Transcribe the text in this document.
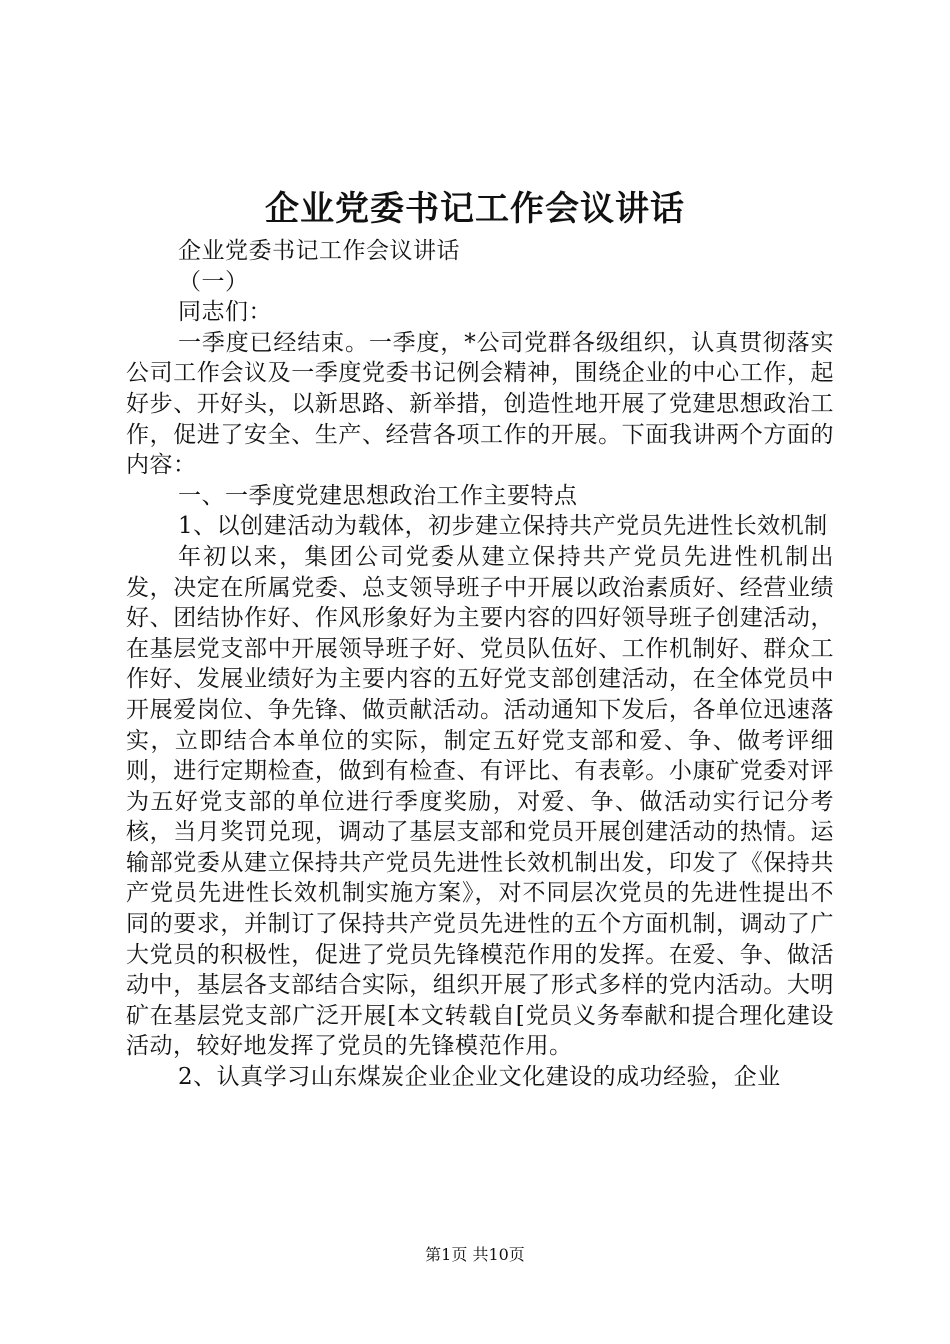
企业党委书记工作会议讲话

企业党委书记工作会议讲话

（一）

同志们：

一季度已经结束。一季度，*公司党群各级组织，认真贯彻落实公司工作会议及一季度党委书记例会精神，围绕企业的中心工作，起好步、开好头，以新思路、新举措，创造性地开展了党建思想政治工作，促进了安全、生产、经营各项工作的开展。下面我讲两个方面的内容：

一、一季度党建思想政治工作主要特点

1、以创建活动为载体，初步建立保持共产党员先进性长效机制

年初以来，集团公司党委从建立保持共产党员先进性机制出发，决定在所属党委、总支领导班子中开展以政治素质好、经营业绩好、团结协作好、作风形象好为主要内容的四好领导班子创建活动，在基层党支部中开展领导班子好、党员队伍好、工作机制好、群众工作好、发展业绩好为主要内容的五好党支部创建活动，在全体党员中开展爱岗位、争先锋、做贡献活动。活动通知下发后，各单位迅速落实，立即结合本单位的实际，制定五好党支部和爱、争、做考评细则，进行定期检查，做到有检查、有评比、有表彰。小康矿党委对评为五好党支部的单位进行季度奖励，对爱、争、做活动实行记分考核，当月奖罚兑现，调动了基层支部和党员开展创建活动的热情。运输部党委从建立保持共产党员先进性长效机制出发，印发了《保持共产党员先进性长效机制实施方案》，对不同层次党员的先进性提出不同的要求，并制订了保持共产党员先进性的五个方面机制，调动了广大党员的积极性，促进了党员先锋模范作用的发挥。在爱、争、做活动中，基层各支部结合实际，组织开展了形式多样的党内活动。大明矿在基层党支部广泛开展[本文转载自[党员义务奉献和提合理化建设活动，较好地发挥了党员的先锋模范作用。

2、认真学习山东煤炭企业企业文化建设的成功经验，企业

第1页 共10页
